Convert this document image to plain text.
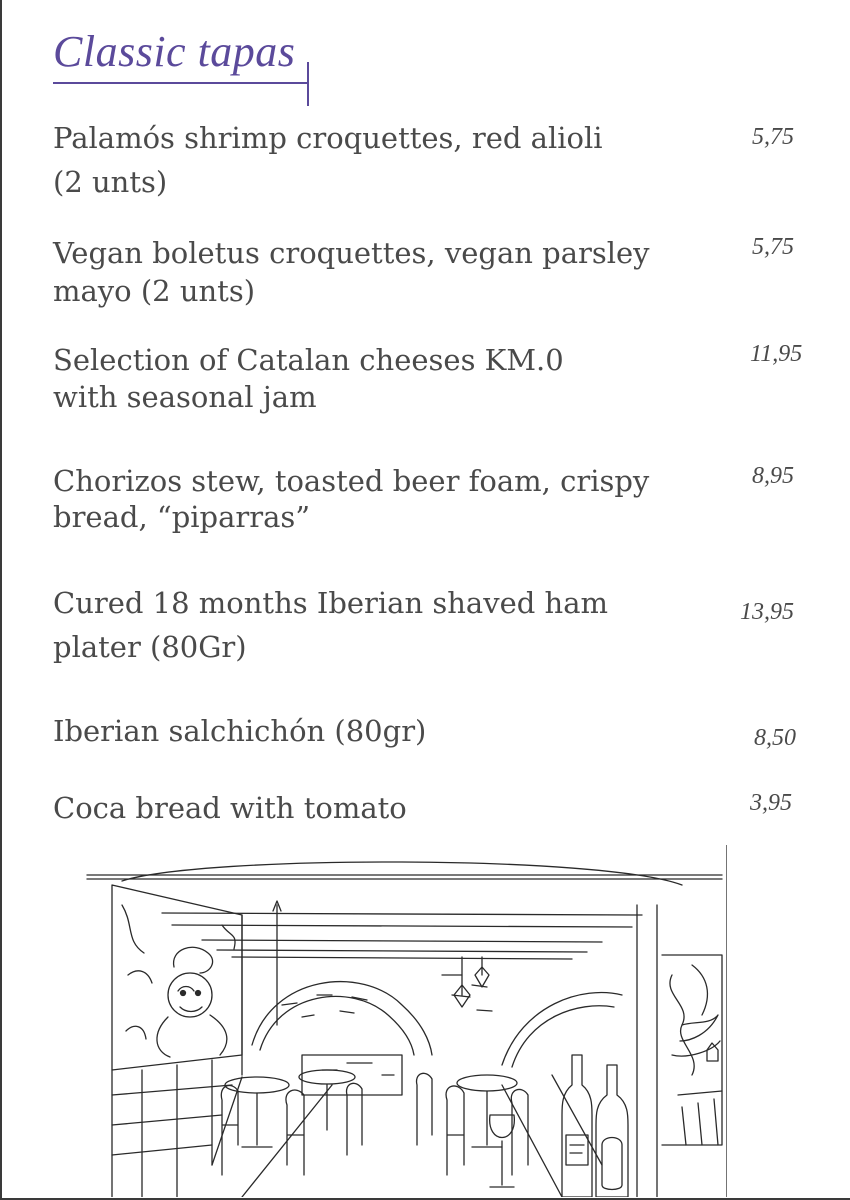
Classic tapas
Palamós shrimp croquettes, red alioli
(2 unts)
5,75
Vegan boletus croquettes, vegan parsley
mayo (2 unts)
5,75
Selection of Catalan cheeses KM.0
with seasonal jam
11,95
Chorizos stew, toasted beer foam, crispy
bread, “piparras”
8,95
Cured 18 months Iberian shaved ham
plater (80Gr)
13,95
Iberian salchichón (80gr)	8,50
Coca bread with tomato	3,95
